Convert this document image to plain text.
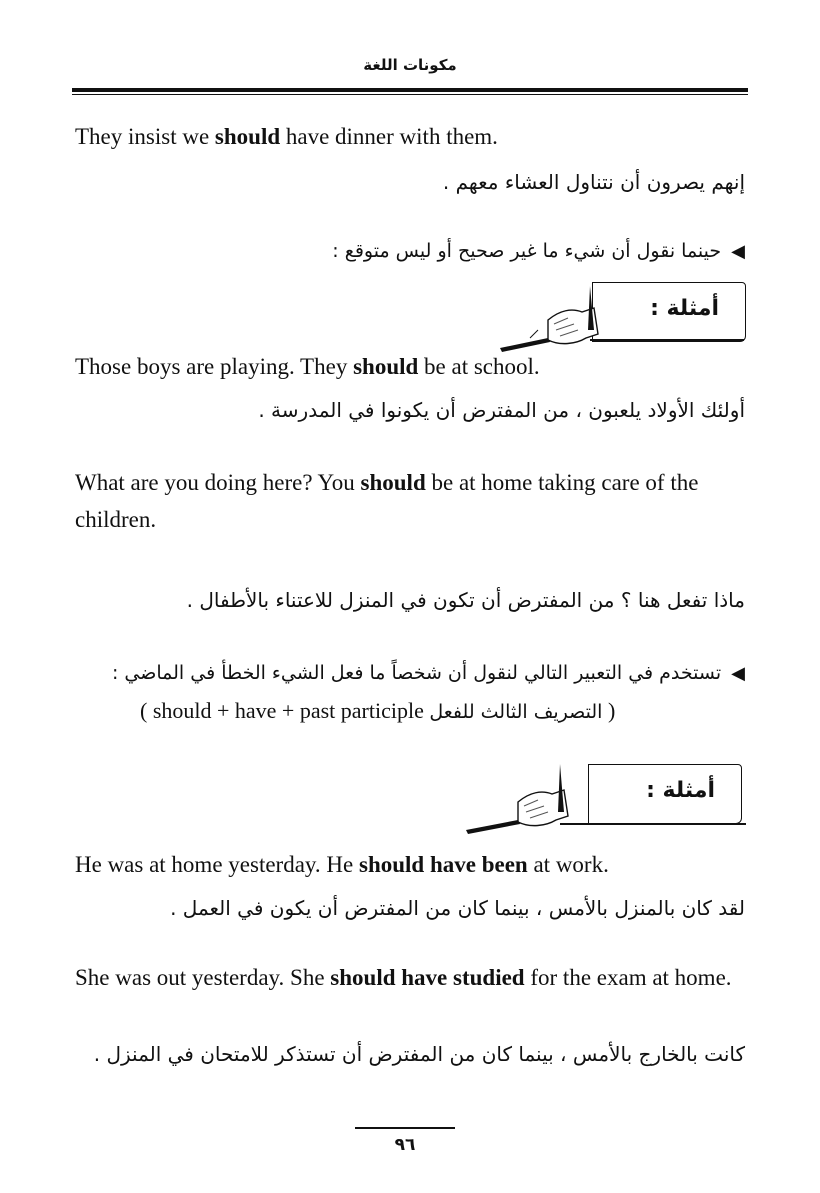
مكونات اللغة
They insist we should have dinner with them.
إنهم يصرون أن نتناول العشاء معهم .
◀حينما نقول أن شيء ما غير صحيح أو ليس متوقع :
أمثلة :
Those boys are playing. They should be at school.
أولئك الأولاد يلعبون ، من المفترض أن يكونوا في المدرسة .
What are you doing here? You should be at home taking care of the children.
ماذا تفعل هنا ؟ من المفترض أن تكون في المنزل للاعتناء بالأطفال .
◀تستخدم في التعبير التالي لنقول أن شخصاً ما فعل الشيء الخطأ في الماضي :
( should + have + past participle التصريف الثالث للفعل )
أمثلة :
He was at home yesterday. He should have been at work.
لقد كان بالمنزل بالأمس ، بينما كان من المفترض أن يكون في العمل .
She was out yesterday. She should have studied for the exam at home.
كانت بالخارج بالأمس ، بينما كان من المفترض أن تستذكر للامتحان في المنزل .
٩٦
